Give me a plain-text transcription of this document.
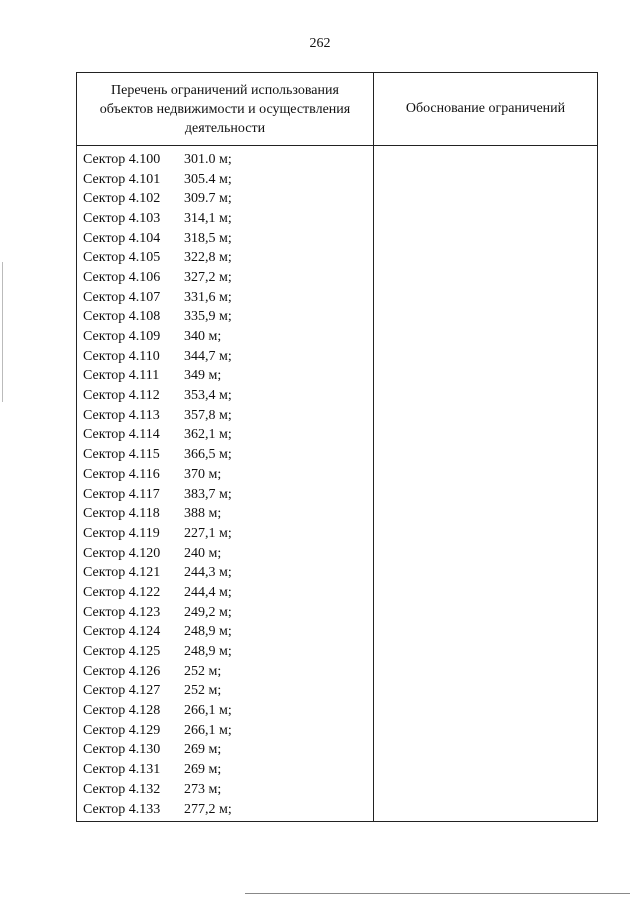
262
Перечень ограничений использования объектов недвижимости и осуществления деятельности
Обоснование ограничений
Сектор 4.100	301.0 м;
Сектор 4.101	305.4 м;
Сектор 4.102	309.7 м;
Сектор 4.103	314,1 м;
Сектор 4.104	318,5 м;
Сектор 4.105	322,8 м;
Сектор 4.106	327,2 м;
Сектор 4.107	331,6 м;
Сектор 4.108	335,9 м;
Сектор 4.109	340 м;
Сектор 4.110	344,7 м;
Сектор 4.111	349 м;
Сектор 4.112	353,4 м;
Сектор 4.113	357,8 м;
Сектор 4.114	362,1 м;
Сектор 4.115	366,5 м;
Сектор 4.116	370 м;
Сектор 4.117	383,7 м;
Сектор 4.118	388 м;
Сектор 4.119	227,1 м;
Сектор 4.120	240 м;
Сектор 4.121	244,3 м;
Сектор 4.122	244,4 м;
Сектор 4.123	249,2 м;
Сектор 4.124	248,9 м;
Сектор 4.125	248,9 м;
Сектор 4.126	252 м;
Сектор 4.127	252 м;
Сектор 4.128	266,1 м;
Сектор 4.129	266,1 м;
Сектор 4.130	269 м;
Сектор 4.131	269 м;
Сектор 4.132	273 м;
Сектор 4.133	277,2 м;
